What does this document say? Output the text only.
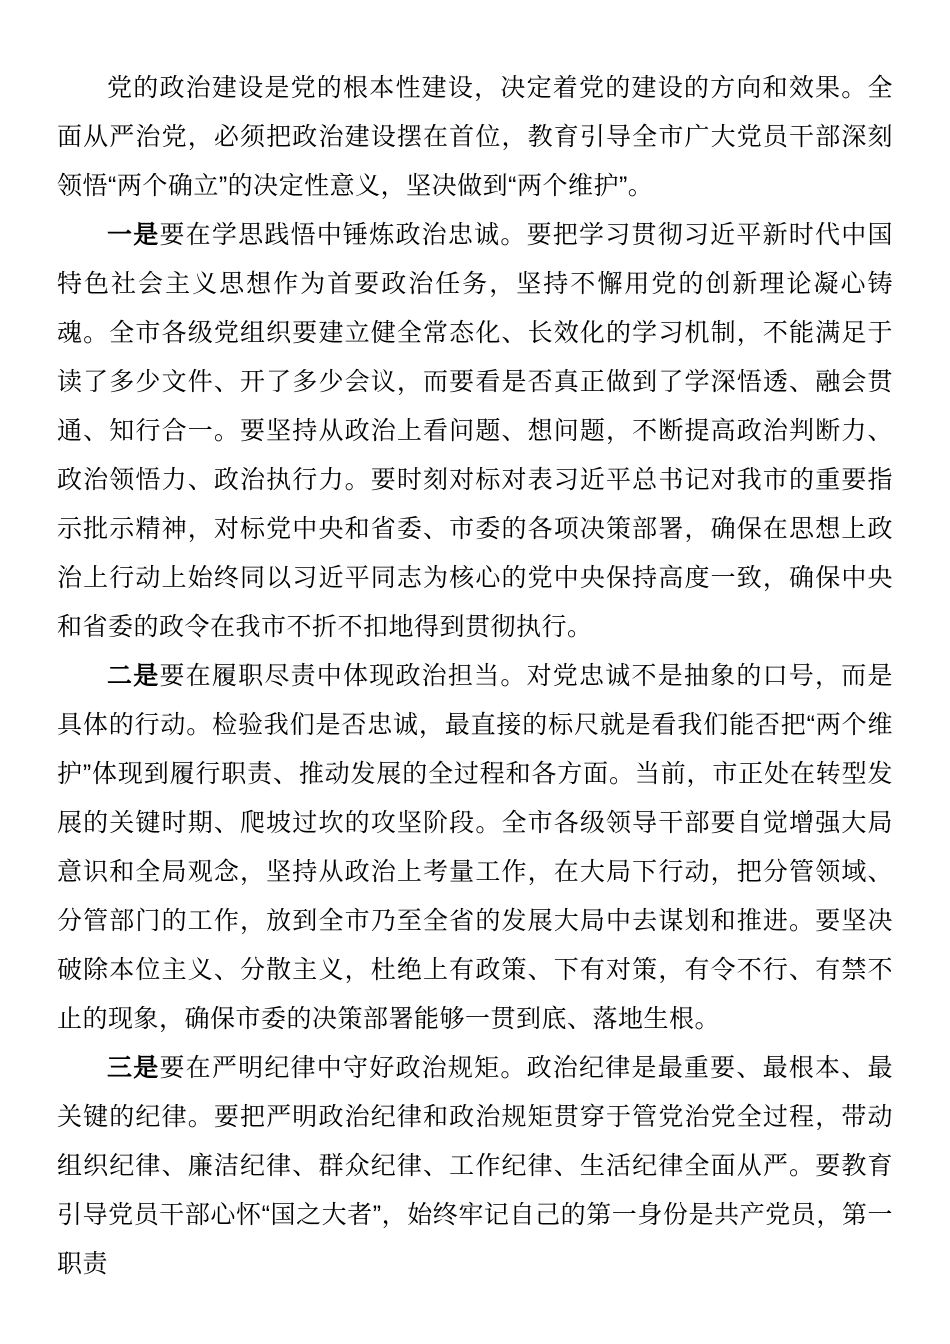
党的政治建设是党的根本性建设，决定着党的建设的方向和效果。全面从严治党，必须把政治建设摆在首位，教育引导全市广大党员干部深刻领悟“两个确立”的决定性意义，坚决做到“两个维护”。

一是要在学思践悟中锤炼政治忠诚。要把学习贯彻习近平新时代中国特色社会主义思想作为首要政治任务，坚持不懈用党的创新理论凝心铸魂。全市各级党组织要建立健全常态化、长效化的学习机制，不能满足于读了多少文件、开了多少会议，而要看是否真正做到了学深悟透、融会贯通、知行合一。要坚持从政治上看问题、想问题，不断提高政治判断力、政治领悟力、政治执行力。要时刻对标对表习近平总书记对我市的重要指示批示精神，对标党中央和省委、市委的各项决策部署，确保在思想上政治上行动上始终同以习近平同志为核心的党中央保持高度一致，确保中央和省委的政令在我市不折不扣地得到贯彻执行。

二是要在履职尽责中体现政治担当。对党忠诚不是抽象的口号，而是具体的行动。检验我们是否忠诚，最直接的标尺就是看我们能否把“两个维护”体现到履行职责、推动发展的全过程和各方面。当前，市正处在转型发展的关键时期、爬坡过坎的攻坚阶段。全市各级领导干部要自觉增强大局意识和全局观念，坚持从政治上考量工作，在大局下行动，把分管领域、分管部门的工作，放到全市乃至全省的发展大局中去谋划和推进。要坚决破除本位主义、分散主义，杜绝上有政策、下有对策，有令不行、有禁不止的现象，确保市委的决策部署能够一贯到底、落地生根。

三是要在严明纪律中守好政治规矩。政治纪律是最重要、最根本、最关键的纪律。要把严明政治纪律和政治规矩贯穿于管党治党全过程，带动组织纪律、廉洁纪律、群众纪律、工作纪律、生活纪律全面从严。要教育引导党员干部心怀“国之大者”，始终牢记自己的第一身份是共产党员，第一职责
